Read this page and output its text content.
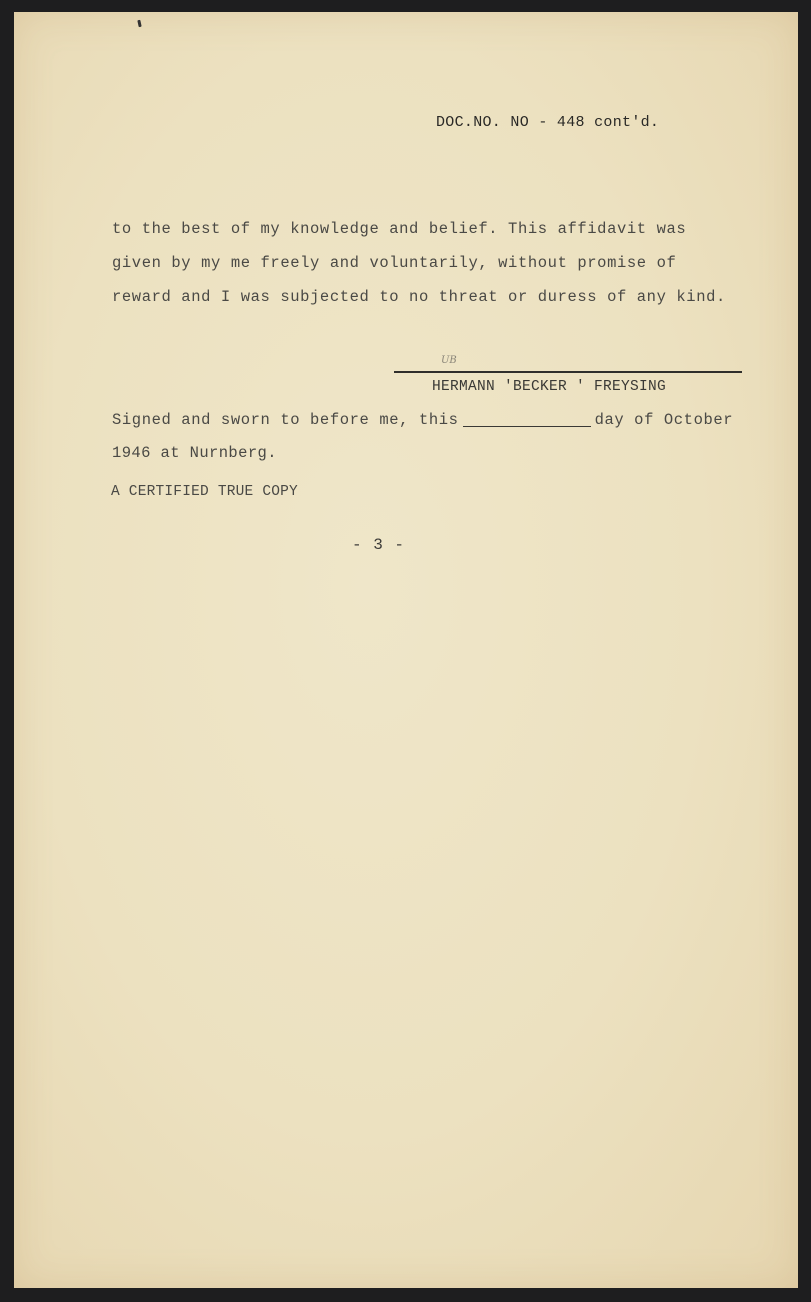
DOC.NO. NO - 448 cont'd.

to the best of my knowledge and belief. This affidavit was

given by my me freely and voluntarily, without promise of

reward and I was subjected to no threat or duress of any kind.

UB

HERMANN 'BECKER ' FREYSING

Signed and sworn to before me, this	day of October

1946 at Nurnberg.

A CERTIFIED TRUE COPY

- 3 -
